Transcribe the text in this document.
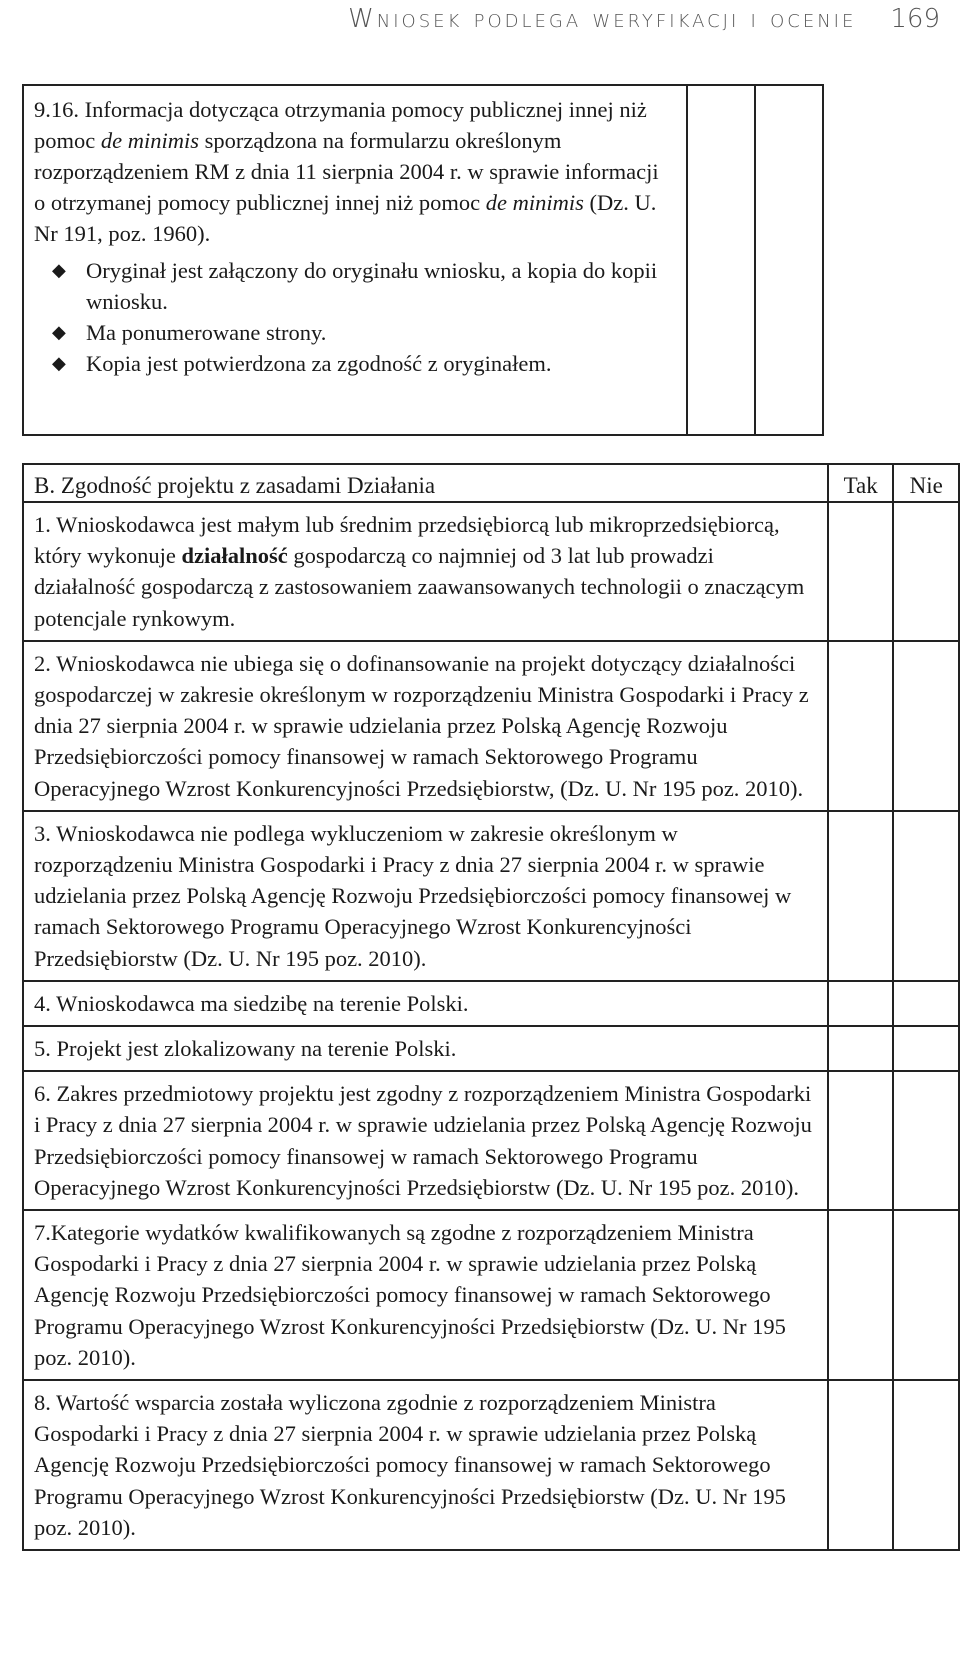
Wniosek podlega weryfikacji i ocenie 169
9.16. Informacja dotycząca otrzymania pomocy publicznej innej niż pomoc de minimis sporządzona na formularzu określonym rozporządzeniem RM z dnia 11 sierpnia 2004 r. w sprawie informacji o otrzymanej pomocy publicznej innej niż pomoc de minimis (Dz. U. Nr 191, poz. 1960).
◆ Oryginał jest załączony do oryginału wniosku, a kopia do kopii wniosku.
◆ Ma ponumerowane strony.
◆ Kopia jest potwierdzona za zgodność z oryginałem.

B. Zgodność projektu z zasadami Działania	Tak	Nie
1. Wnioskodawca jest małym lub średnim przedsiębiorcą lub mikroprzedsiębiorcą, który wykonuje działalność gospodarczą co najmniej od 3 lat lub prowadzi działalność gospodarczą z zastosowaniem zaawansowanych technologii o znaczącym potencjale rynkowym.		
2. Wnioskodawca nie ubiega się o dofinansowanie na projekt dotyczący działalności gospodarczej w zakresie określonym w rozporządzeniu Ministra Gospodarki i Pracy z dnia 27 sierpnia 2004 r. w sprawie udzielania przez Polską Agencję Rozwoju Przedsiębiorczości pomocy finansowej w ramach Sektorowego Programu Operacyjnego Wzrost Konkurencyjności Przedsiębiorstw, (Dz. U. Nr 195 poz. 2010).		
3. Wnioskodawca nie podlega wykluczeniom w zakresie określonym w rozporządzeniu Ministra Gospodarki i Pracy z dnia 27 sierpnia 2004 r. w sprawie udzielania przez Polską Agencję Rozwoju Przedsiębiorczości pomocy finansowej w ramach Sektorowego Programu Operacyjnego Wzrost Konkurencyjności Przedsiębiorstw (Dz. U. Nr 195 poz. 2010).		
4. Wnioskodawca ma siedzibę na terenie Polski.		
5. Projekt jest zlokalizowany na terenie Polski.		
6. Zakres przedmiotowy projektu jest zgodny z rozporządzeniem Ministra Gospodarki i Pracy z dnia 27 sierpnia 2004 r. w sprawie udzielania przez Polską Agencję Rozwoju Przedsiębiorczości pomocy finansowej w ramach Sektorowego Programu Operacyjnego Wzrost Konkurencyjności Przedsiębiorstw (Dz. U. Nr 195 poz. 2010).		
7.Kategorie wydatków kwalifikowanych są zgodne z rozporządzeniem Ministra Gospodarki i Pracy z dnia 27 sierpnia 2004 r. w sprawie udzielania przez Polską Agencję Rozwoju Przedsiębiorczości pomocy finansowej w ramach Sektorowego Programu Operacyjnego Wzrost Konkurencyjności Przedsiębiorstw (Dz. U. Nr 195 poz. 2010).		
8. Wartość wsparcia została wyliczona zgodnie z rozporządzeniem Ministra Gospodarki i Pracy z dnia 27 sierpnia 2004 r. w sprawie udzielania przez Polską Agencję Rozwoju Przedsiębiorczości pomocy finansowej w ramach Sektorowego Programu Operacyjnego Wzrost Konkurencyjności Przedsiębiorstw (Dz. U. Nr 195 poz. 2010).		
